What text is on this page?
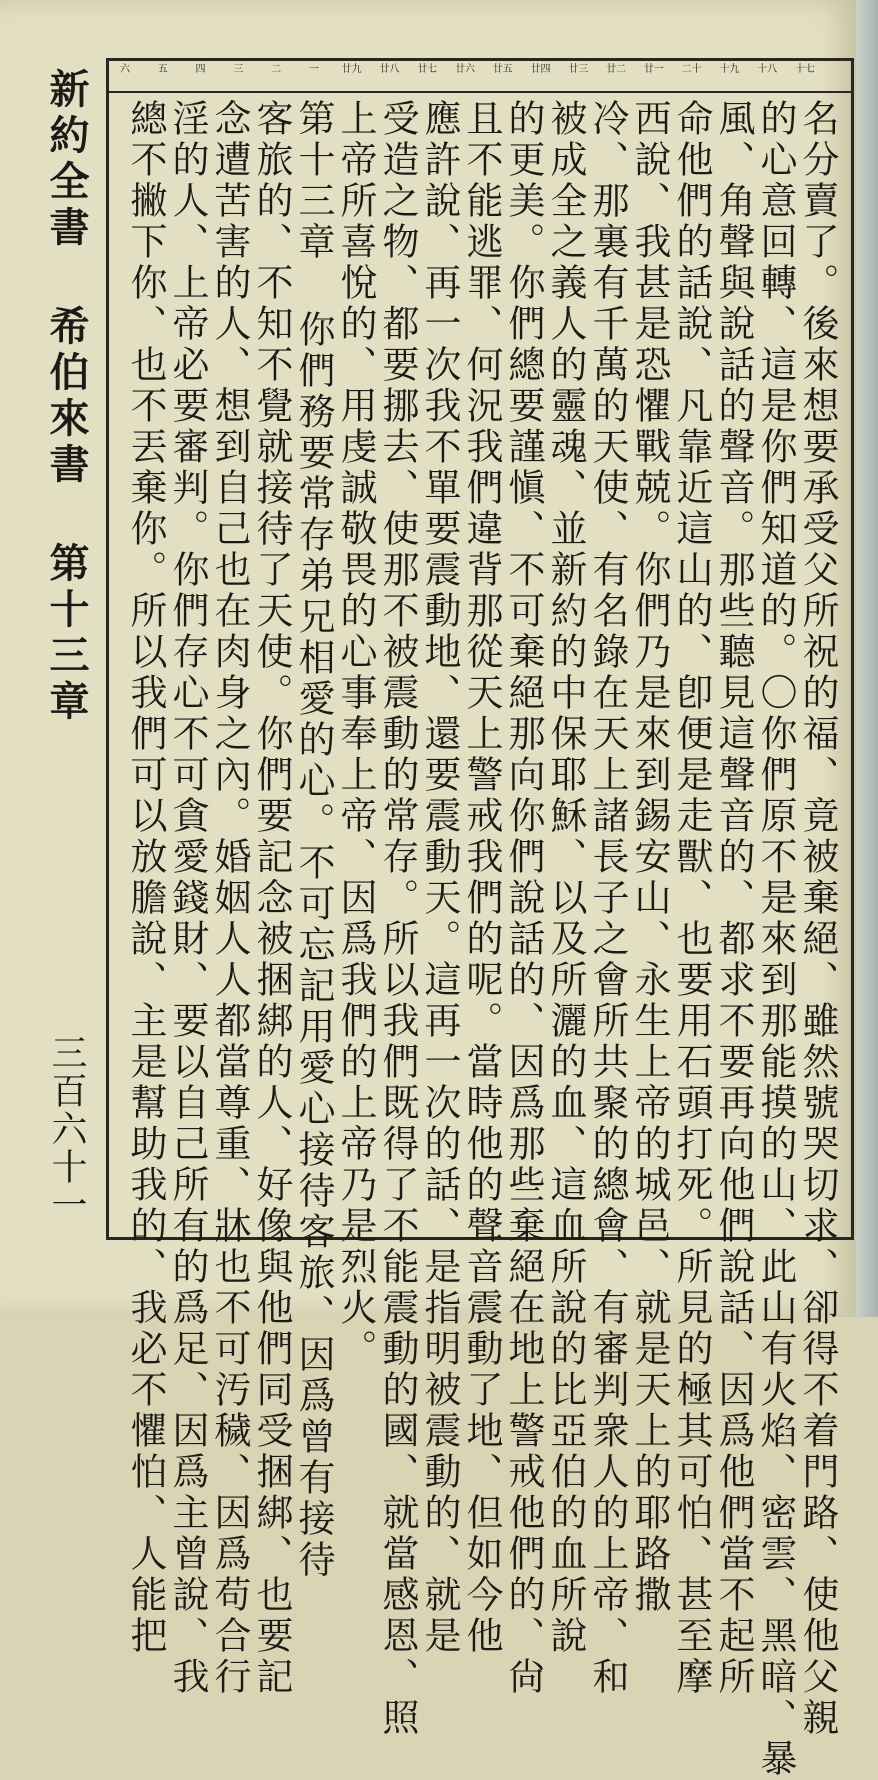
新約全書 希伯來書 第十三章
三百六十一
十七
十八
十九
二十
廿一
廿二
廿三
廿四
廿五
廿六
廿七
廿八
廿九
一
二
三
四
五
六
名分賣了。後來想要承受父所祝的福、竟被棄絕、雖然號哭切求、卻得不着門路、使他父親
的心意回轉、這是你們知道的。〇你們原不是來到那能摸的山、此山有火焰、密雲、黑暗、暴
風、角聲與說話的聲音。那些聽見這聲音的、都求不要再向他們說話、因爲他們當不起所
命他們的話說、凡靠近這山的、卽便是走獸、也要用石頭打死。所見的極其可怕、甚至摩
西說、我甚是恐懼戰兢。你們乃是來到錫安山、永生上帝的城邑、就是天上的耶路撒
冷、那裏有千萬的天使、有名錄在天上諸長子之會所共聚的總會、有審判衆人的上帝、和
被成全之義人的靈魂、並新約的中保耶穌、以及所灑的血、這血所說的比亞伯的血所說
的更美。你們總要謹愼、不可棄絕那向你們說話的、因爲那些棄絕在地上警戒他們的、尙
且不能逃罪、何況我們違背那從天上警戒我們的呢。當時他的聲音震動了地、但如今他
應許說、再一次我不單要震動地、還要震動天。這再一次的話、是指明被震動的、就是
受造之物、都要挪去、使那不被震動的常存。所以我們既得了不能震動的國、就當感恩、照
上帝所喜悅的、用虔誠敬畏的心事奉上帝、因爲我們的上帝乃是烈火。
第十三章 你們務要常存弟兄相愛的心。不可忘記用愛心接待客旅、因爲曾有接待
客旅的、不知不覺就接待了天使。你們要記念被捆綁的人、好像與他們同受捆綁、也要記
念遭苦害的人、想到自己也在肉身之內。婚姻人人都當尊重、牀也不可汚穢、因爲苟合行
淫的人、上帝必要審判。你們存心不可貪愛錢財、要以自己所有的爲足、因爲主曾說、我
總不撇下你、也不丟棄你。所以我們可以放膽說、主是幫助我的、我必不懼怕、人能把
